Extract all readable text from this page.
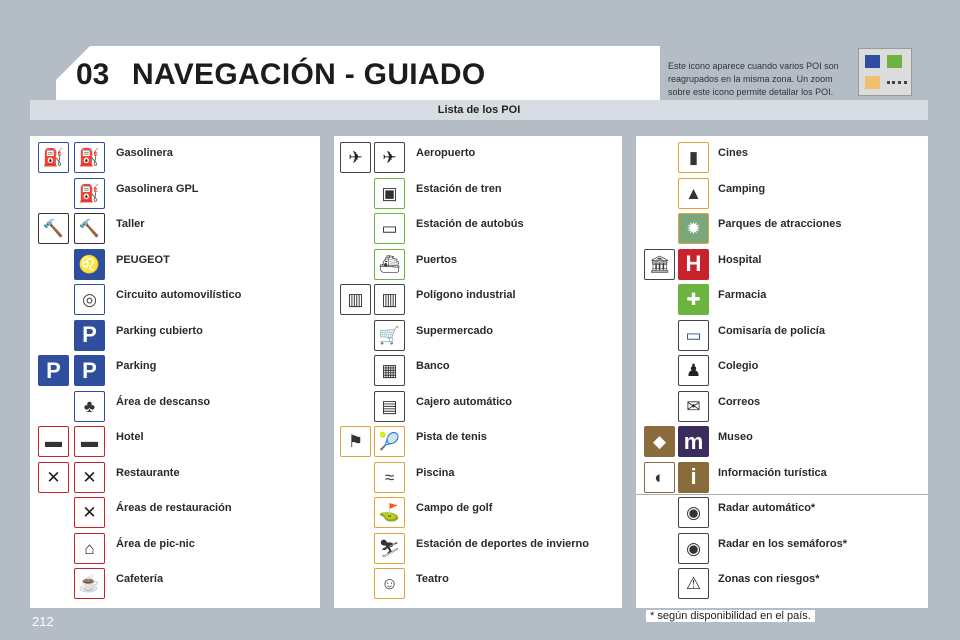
03 NAVEGACIÓN - GUIADO	Este icono aparece cuando varios POI son reagrupados en la misma zona. Un zoom sobre este icono permite detallar los POI.
Lista de los POI
⛽ ⛽	Gasolinera
⛽	Gasolinera GPL
🔨 🔨	Taller
♌	PEUGEOT
◎	Circuito automovilístico
P	Parking cubierto
P P	Parking
♣	Área de descanso
▬	▬	Hotel
✕	✕	Restaurante
✕	Áreas de restauración
⌂	Área de pic-nic
☕	Cafetería
✈	✈	Aeropuerto
▣	Estación de tren
▭	Estación de autobús
⛴	Puertos
▥	▥	Polígono industrial
🛒	Supermercado
▦	Banco
▤	Cajero automático
⚑ 🎾	Pista de tenis
≈	Piscina
⛳	Campo de golf
⛷	Estación de deportes de invierno
☺	Teatro
▮	Cines
▲	Camping
✹	Parques de atracciones
🏛 H	Hospital
✚	Farmacia
▭	Comisaría de policía
♟	Colegio
✉	Correos
◆ m	Museo
◐	i	Información turística
◉	Radar automático*
◉	Radar en los semáforos*
⚠	Zonas con riesgos*
212	* según disponibilidad en el país.
